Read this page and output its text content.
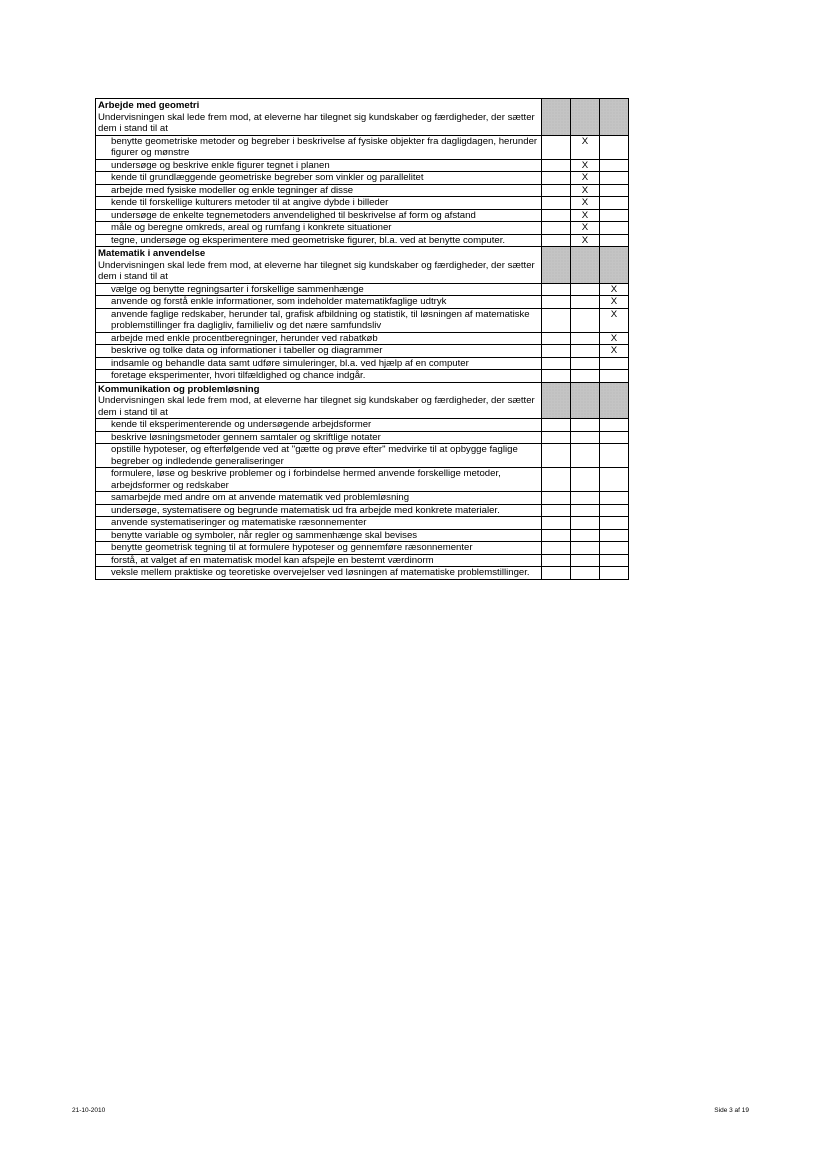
Arbejde med geometri
Undervisningen skal lede frem mod, at eleverne har tilegnet sig kundskaber og færdigheder, der sætter dem i stand til at			

benytte geometriske metoder og begreber i beskrivelse af fysiske objekter fra dagligdagen, herunder figurer og mønstre		X	
undersøge og beskrive enkle figurer tegnet i planen		X	
kende til grundlæggende geometriske begreber som vinkler og parallelitet		X	
arbejde med fysiske modeller og enkle tegninger af disse		X	
kende til forskellige kulturers metoder til at angive dybde i billeder		X	
undersøge de enkelte tegnemetoders anvendelighed til beskrivelse af form og afstand		X	
måle og beregne omkreds, areal og rumfang i konkrete situationer		X	
tegne, undersøge og eksperimentere med geometriske figurer, bl.a. ved at benytte computer.		X	

Matematik i anvendelse
Undervisningen skal lede frem mod, at eleverne har tilegnet sig kundskaber og færdigheder, der sætter dem i stand til at			

vælge og benytte regningsarter i forskellige sammenhænge			X
anvende og forstå enkle informationer, som indeholder matematikfaglige udtryk			X
anvende faglige redskaber, herunder tal, grafisk afbildning og statistik, til løsningen af matematiske problemstillinger fra dagligliv, familieliv og det nære samfundsliv			X
arbejde med enkle procentberegninger, herunder ved rabatkøb			X
beskrive og tolke data og informationer i tabeller og diagrammer			X
indsamle og behandle data samt udføre simuleringer, bl.a. ved hjælp af en computer			
foretage eksperimenter, hvori tilfældighed og chance indgår.			

Kommunikation og problemløsning
Undervisningen skal lede frem mod, at eleverne har tilegnet sig kundskaber og færdigheder, der sætter dem i stand til at			

kende til eksperimenterende og undersøgende arbejdsformer			
beskrive løsningsmetoder gennem samtaler og skriftlige notater			
opstille hypoteser, og efterfølgende ved at "gætte og prøve efter" medvirke til at opbygge faglige begreber og indledende generaliseringer			
formulere, løse og beskrive problemer og i forbindelse hermed anvende forskellige metoder, arbejdsformer og redskaber			
samarbejde med andre om at anvende matematik ved problemløsning			
undersøge, systematisere og begrunde matematisk ud fra arbejde med konkrete materialer.			
anvende systematiseringer og matematiske ræsonnementer			
benytte variable og symboler, når regler og sammenhænge skal bevises			
benytte geometrisk tegning til at formulere hypoteser og gennemføre ræsonnementer			
forstå, at valget af en matematisk model kan afspejle en bestemt værdinorm			
veksle mellem praktiske og teoretiske overvejelser ved løsningen af matematiske problemstillinger.			
21-10-2010	Side 3 af 19
